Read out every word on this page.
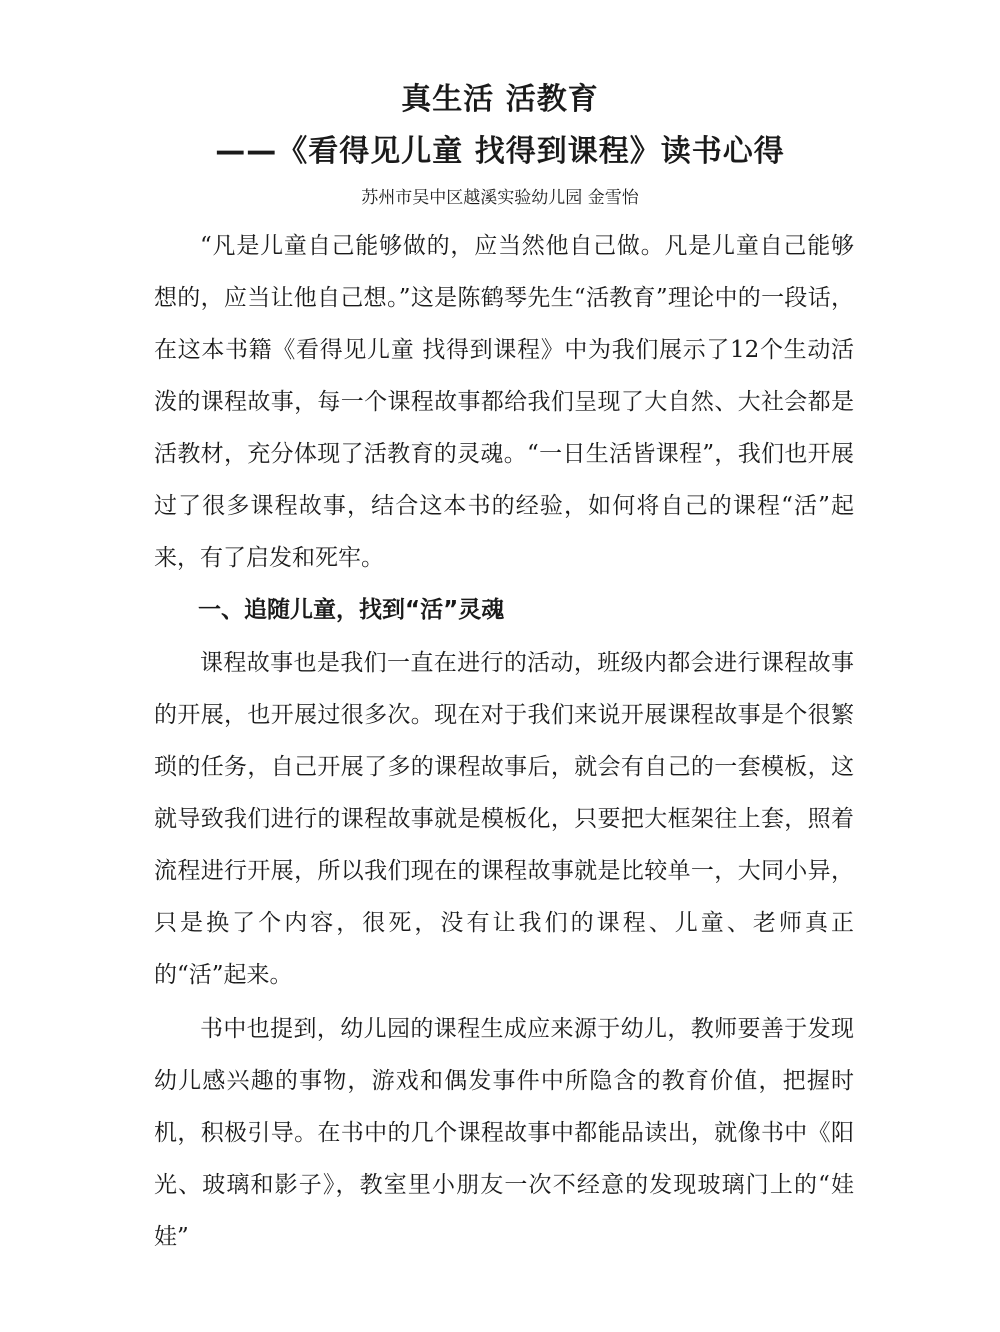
真生活 活教育
——《看得见儿童 找得到课程》读书心得
苏州市吴中区越溪实验幼儿园 金雪怡
“凡是儿童自己能够做的，应当然他自己做。凡是儿童自己能够想的，应当让他自己想。”这是陈鹤琴先生“活教育”理论中的一段话，在这本书籍《看得见儿童 找得到课程》中为我们展示了12个生动活泼的课程故事，每一个课程故事都给我们呈现了大自然、大社会都是活教材，充分体现了活教育的灵魂。“一日生活皆课程”，我们也开展过了很多课程故事，结合这本书的经验，如何将自己的课程“活”起来，有了启发和死牢。
一、追随儿童，找到“活”灵魂
课程故事也是我们一直在进行的活动，班级内都会进行课程故事的开展，也开展过很多次。现在对于我们来说开展课程故事是个很繁琐的任务，自己开展了多的课程故事后，就会有自己的一套模板，这就导致我们进行的课程故事就是模板化，只要把大框架往上套，照着流程进行开展，所以我们现在的课程故事就是比较单一，大同小异，只是换了个内容，很死，没有让我们的课程、儿童、老师真正的“活”起来。
书中也提到，幼儿园的课程生成应来源于幼儿，教师要善于发现幼儿感兴趣的事物，游戏和偶发事件中所隐含的教育价值，把握时机，积极引导。在书中的几个课程故事中都能品读出，就像书中《阳光、玻璃和影子》，教室里小朋友一次不经意的发现玻璃门上的“娃娃”
